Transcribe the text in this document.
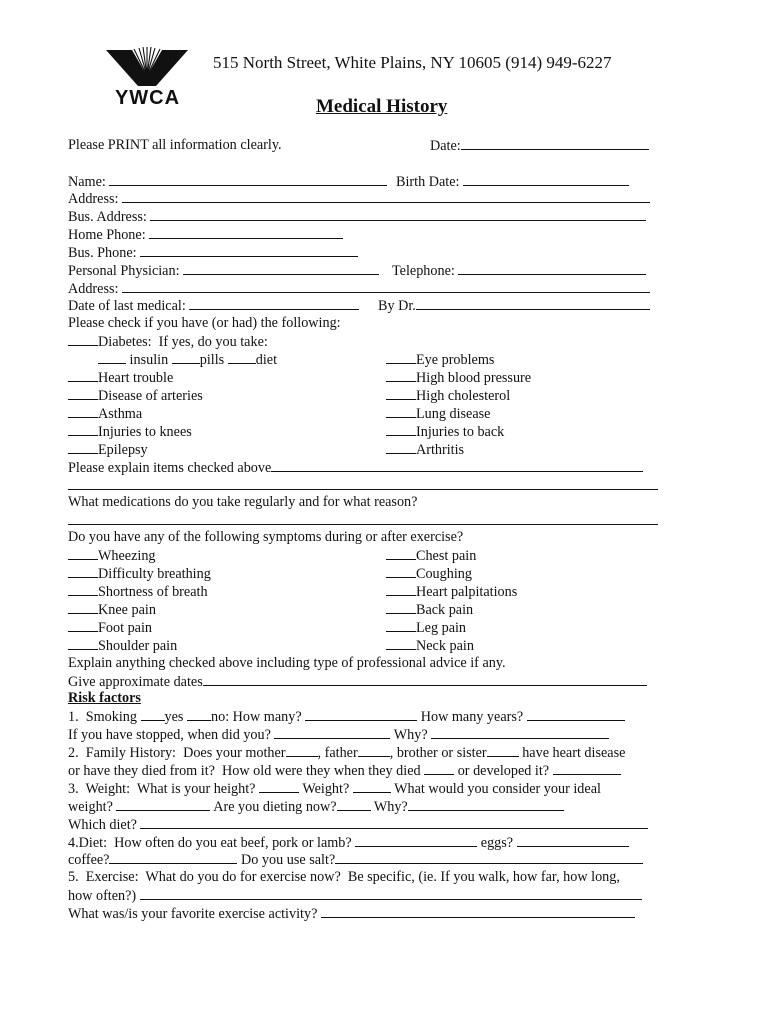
YWCA
515 North Street, White Plains, NY 10605 (914) 949-6227
Medical History
Please PRINT all information clearly.	Date:
Name:	Birth Date:
Address:
Bus. Address:
Home Phone:
Bus. Phone:
Personal Physician:	Telephone:
Address:
Date of last medical:	By Dr.
Please check if you have (or had) the following:
Diabetes:  If yes, do you take:
insulin pills diet
Heart trouble
Disease of arteries
Asthma
Injuries to knees
Epilepsy
Eye problems
High blood pressure
High cholesterol
Lung disease
Injuries to back
Arthritis
Please explain items checked above
What medications do you take regularly and for what reason?
Do you have any of the following symptoms during or after exercise?
Wheezing
Difficulty breathing
Shortness of breath
Knee pain
Foot pain
Shoulder pain
Chest pain
Coughing
Heart palpitations
Back pain
Leg pain
Neck pain
Explain anything checked above including type of professional advice if any.
Give approximate dates
Risk factors
1.  Smoking yes no: How many?	How many years?
If you have stopped, when did you?	Why?
2.  Family History:  Does your mother , father , brother or sister have heart disease
or have they died from it?  How old were they when they died  or developed it?
3.  Weight:  What is your height?	Weight?	What would you consider your ideal
weight?	Are you dieting now? Why?
Which diet?
4.Diet:  How often do you eat beef, pork or lamb?	eggs?
coffee?	Do you use salt?
5.  Exercise:  What do you do for exercise now?  Be specific, (ie. If you walk, how far, how long,
how often?)
What was/is your favorite exercise activity?
